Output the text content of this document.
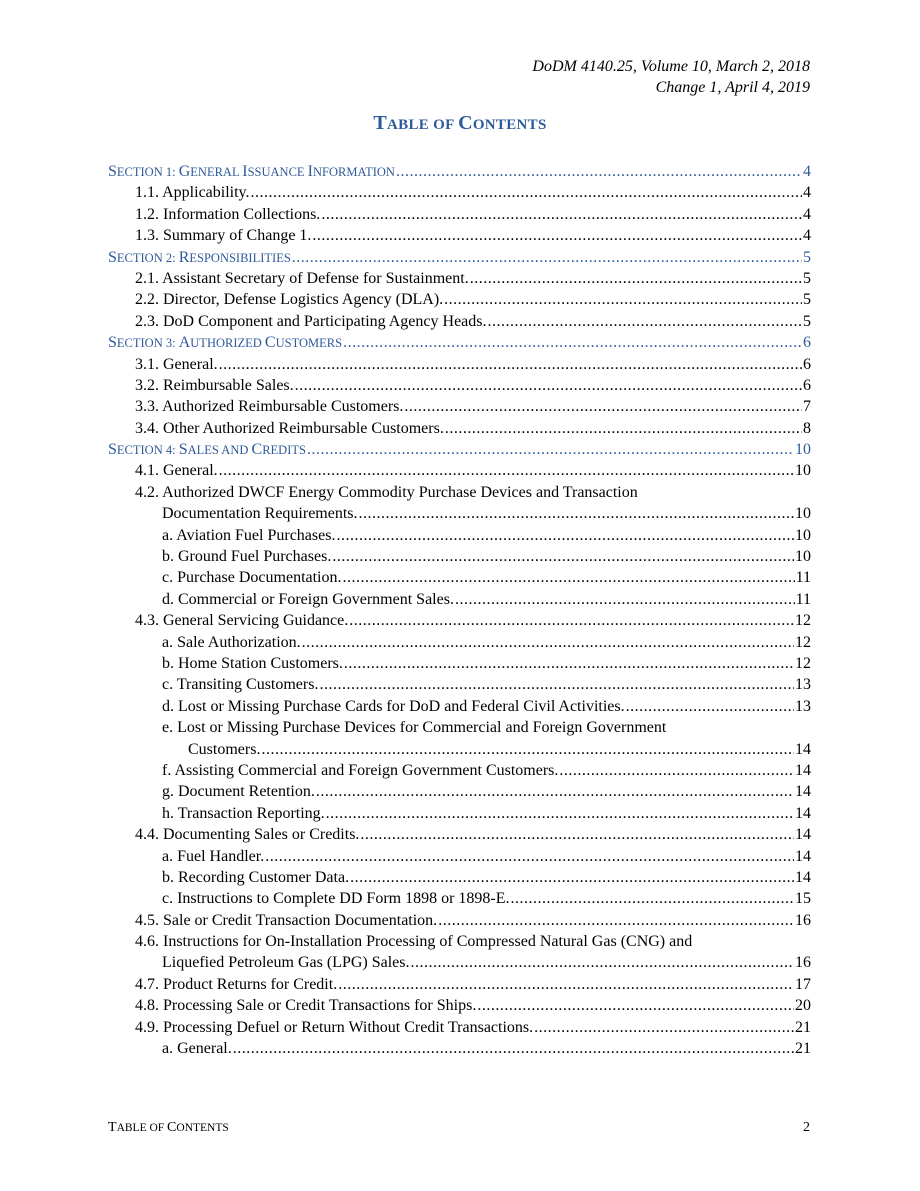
DoDM 4140.25, Volume 10, March 2, 2018
Change 1, April 4, 2019
TABLE OF CONTENTS
SECTION 1: GENERAL ISSUANCE INFORMATION .....	4
1.1. Applicability. .....	4
1.2. Information Collections. .....	4
1.3. Summary of Change 1. .....	4
SECTION 2: RESPONSIBILITIES .....	5
2.1. Assistant Secretary of Defense for Sustainment. .....	5
2.2. Director, Defense Logistics Agency (DLA). .....	5
2.3. DoD Component and Participating Agency Heads. .....	5
SECTION 3: AUTHORIZED CUSTOMERS .....	6
3.1. General. .....	6
3.2. Reimbursable Sales. .....	6
3.3. Authorized Reimbursable Customers. .....	7
3.4. Other Authorized Reimbursable Customers. .....	8
SECTION 4: SALES AND CREDITS .....	10
4.1. General. .....	10
4.2. Authorized DWCF Energy Commodity Purchase Devices and Transaction
Documentation Requirements. .....	10
a. Aviation Fuel Purchases. .....	10
b. Ground Fuel Purchases. .....	10
c. Purchase Documentation. .....	11
d. Commercial or Foreign Government Sales. .....	11
4.3. General Servicing Guidance. .....	12
a. Sale Authorization. .....	12
b. Home Station Customers. .....	12
c. Transiting Customers. .....	13
d. Lost or Missing Purchase Cards for DoD and Federal Civil Activities. .....	13
e. Lost or Missing Purchase Devices for Commercial and Foreign Government
Customers. .....	14
f. Assisting Commercial and Foreign Government Customers. .....	14
g. Document Retention. .....	14
h. Transaction Reporting. .....	14
4.4. Documenting Sales or Credits. .....	14
a. Fuel Handler. .....	14
b. Recording Customer Data. .....	14
c. Instructions to Complete DD Form 1898 or 1898-E. .....	15
4.5. Sale or Credit Transaction Documentation. .....	16
4.6. Instructions for On-Installation Processing of Compressed Natural Gas (CNG) and
Liquefied Petroleum Gas (LPG) Sales. .....	16
4.7. Product Returns for Credit. .....	17
4.8. Processing Sale or Credit Transactions for Ships. .....	20
4.9. Processing Defuel or Return Without Credit Transactions. .....	21
a. General. .....	21
TABLE OF CONTENTS	2
